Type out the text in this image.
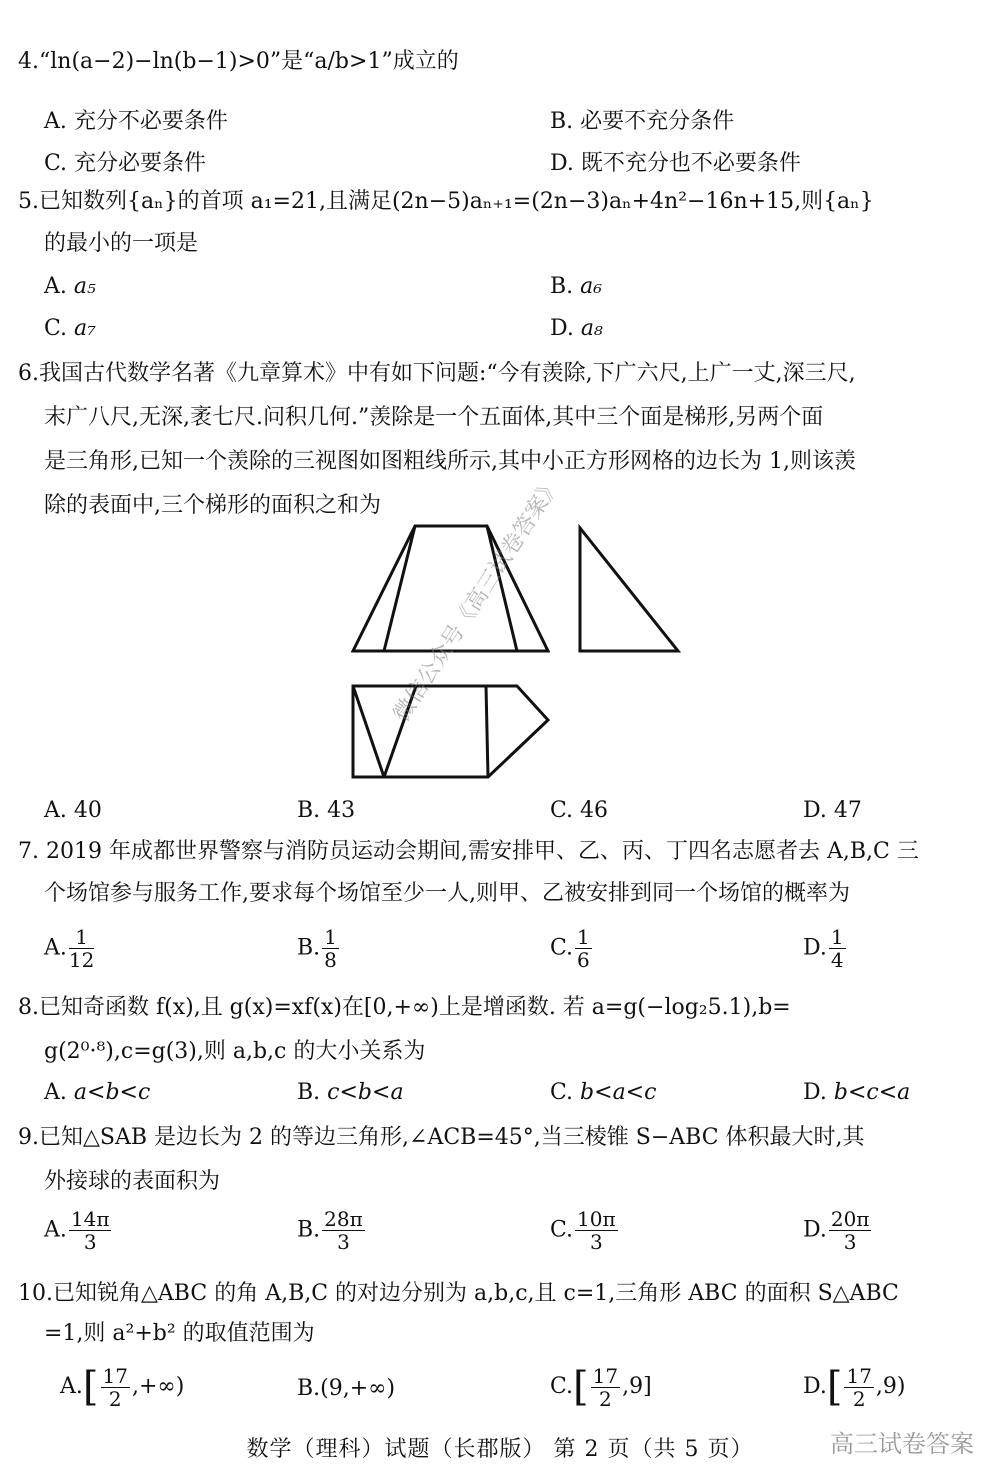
4.“ln(a−2)−ln(b−1)>0”是“a/b>1”成立的
A. 充分不必要条件	B. 必要不充分条件
C. 充分必要条件	D. 既不充分也不必要条件
5.已知数列{aₙ}的首项 a₁=21,且满足(2n−5)aₙ₊₁=(2n−3)aₙ+4n²−16n+15,则{aₙ}
的最小的一项是
A. a₅	B. a₆
C. a₇	D. a₈
6.我国古代数学名著《九章算术》中有如下问题:“今有羡除,下广六尺,上广一丈,深三尺,
末广八尺,无深,袤七尺.问积几何.”羡除是一个五面体,其中三个面是梯形,另两个面
是三角形,已知一个羡除的三视图如图粗线所示,其中小正方形网格的边长为 1,则该羡
除的表面中,三个梯形的面积之和为 微信公众号《高三试卷答案》
A. 40	B. 43	C. 46	D. 47
7. 2019 年成都世界警察与消防员运动会期间,需安排甲、乙、丙、丁四名志愿者去 A,B,C 三
个场馆参与服务工作,要求每个场馆至少一人,则甲、乙被安排到同一个场馆的概率为
A. $\frac{1}{12}$	B. $\frac{1}{8}$	C. $\frac{1}{6}$	D. $\frac{1}{4}$
8.已知奇函数 f(x),且 g(x)=xf(x)在[0,+∞)上是增函数. 若 a=g(−log₂5.1),b=
g(2⁰·⁸),c=g(3),则 a,b,c 的大小关系为
A. a<b<c	B. c<b<a	C. b<a<c	D. b<c<a
9.已知△SAB 是边长为 2 的等边三角形,∠ACB=45°,当三棱锥 S−ABC 体积最大时,其
外接球的表面积为
A. $\frac{14\pi}{3}$	B. $\frac{28\pi}{3}$	C. $\frac{10\pi}{3}$	D. $\frac{20\pi}{3}$
10.已知锐角△ABC 的角 A,B,C 的对边分别为 a,b,c,且 c=1,三角形 ABC 的面积 S△ABC
=1,则 a²+b² 的取值范围为
$A.[ \frac{17}{2}$ ,+∞)	B.(9,+∞)	$C.[ \frac{17}{2} ,9]$	$D.[ \frac{17}{2} ,9)$
高三试卷答案
数学（理科）试题（长郡版） 第 2 页（共 5 页）
